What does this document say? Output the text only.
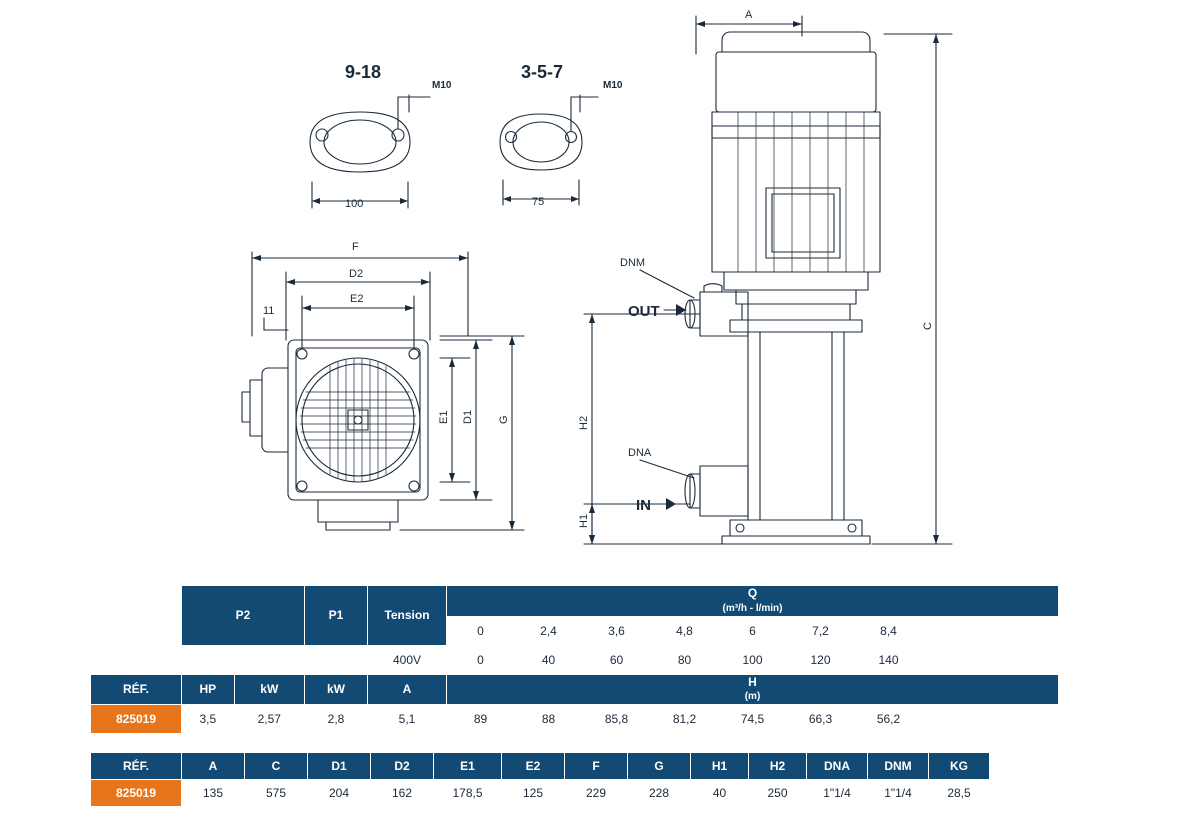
9-18
M10
100
3-5-7
M10
75
F
D2
E2
11
E1 D1 G
A
C
H2
H1
DNM
DNA
OUT
IN
	P2		P1	Tension	Q
(m³/h - l/min)								

					0	2,4	3,6	4,8	6	7,2	8,4		
				400V	0	40	60	80	100	120	140		
RÉF.	HP	kW	kW	A	H
(m)								

825019	3,5	2,57	2,8	5,1	89	88	85,8	81,2	74,5	66,3	56,2		
RÉF.	A	C	D1	D2	E1	E2	F	G	H1	H2	DNA	DNM	KG
825019	135	575	204	162	178,5	125	229	228	40	250	1"1/4	1"1/4	28,5
